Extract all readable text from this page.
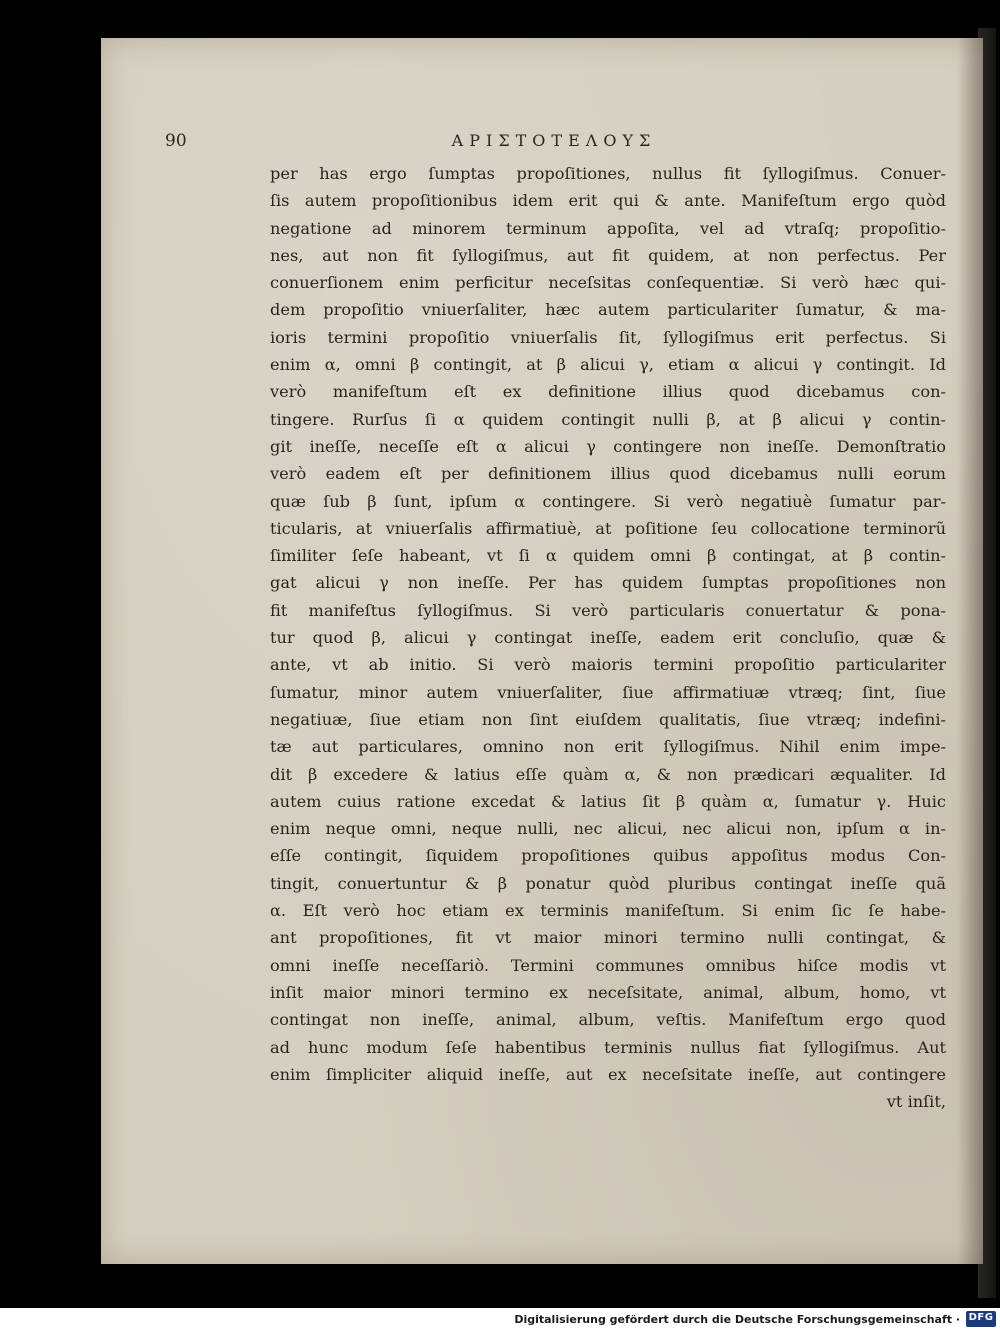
90	ΑΡΙΣΤΟΤΕΛΟΥΣ
per has ergo ſumptas propoſitiones, nullus fit ſyllogiſmus. Conuer-
ſis autem propoſitionibus idem erit qui & ante. Manifeſtum ergo quòd
negatione ad minorem terminum appoſita, vel ad vtraſq; propoſitio-
nes, aut non fit ſyllogiſmus, aut fit quidem, at non perfectus. Per
conuerſionem enim perficitur neceſsitas conſequentiæ. Si verò hæc qui-
dem propoſitio vniuerſaliter, hæc autem particulariter ſumatur, & ma-
ioris termini propoſitio vniuerſalis ſit, ſyllogiſmus erit perfectus. Si
enim α, omni β contingit, at β alicui γ, etiam α alicui γ contingit. Id
verò manifeſtum eſt ex definitione illius quod dicebamus con-
tingere. Rurſus ſi α quidem contingit nulli β, at β alicui γ contin-
git ineſſe, neceſſe eſt α alicui γ contingere non ineſſe. Demonſtratio
verò eadem eſt per definitionem illius quod dicebamus nulli eorum
quæ ſub β ſunt, ipſum α contingere. Si verò negatiuè ſumatur par-
ticularis, at vniuerſalis affirmatiuè, at poſitione ſeu collocatione terminorũ
ſimiliter ſeſe habeant, vt ſi α quidem omni β contingat, at β contin-
gat alicui γ non ineſſe. Per has quidem ſumptas propoſitiones non
fit manifeſtus ſyllogiſmus. Si verò particularis conuertatur & pona-
tur quod β, alicui γ contingat ineſſe, eadem erit concluſio, quæ &
ante, vt ab initio. Si verò maioris termini propoſitio particulariter
ſumatur, minor autem vniuerſaliter, ſiue affirmatiuæ vtræq; ſint, ſiue
negatiuæ, ſiue etiam non ſint eiuſdem qualitatis, ſiue vtræq; indefini-
tæ aut particulares, omnino non erit ſyllogiſmus. Nihil enim impe-
dit β excedere & latius eſſe quàm α, & non prædicari æqualiter. Id
autem cuius ratione excedat & latius ſit β quàm α, ſumatur γ. Huic
enim neque omni, neque nulli, nec alicui, nec alicui non, ipſum α in-
eſſe contingit, ſiquidem propoſitiones quibus appoſitus modus Con-
tingit, conuertuntur & β ponatur quòd pluribus contingat ineſſe quã
α. Eſt verò hoc etiam ex terminis manifeſtum. Si enim ſic ſe habe-
ant propoſitiones, fit vt maior minori termino nulli contingat, &
omni ineſſe neceſſariò. Termini communes omnibus hiſce modis vt
inſit maior minori termino ex neceſsitate, animal, album, homo, vt
contingat non ineſſe, animal, album, veſtis. Manifeſtum ergo quod
ad hunc modum ſeſe habentibus terminis nullus fiat ſyllogiſmus. Aut
enim ſimpliciter aliquid ineſſe, aut ex neceſsitate ineſſe, aut contingere
vt inſit,
Digitalisierung gefördert durch die Deutsche Forschungsgemeinschaft · DFG
